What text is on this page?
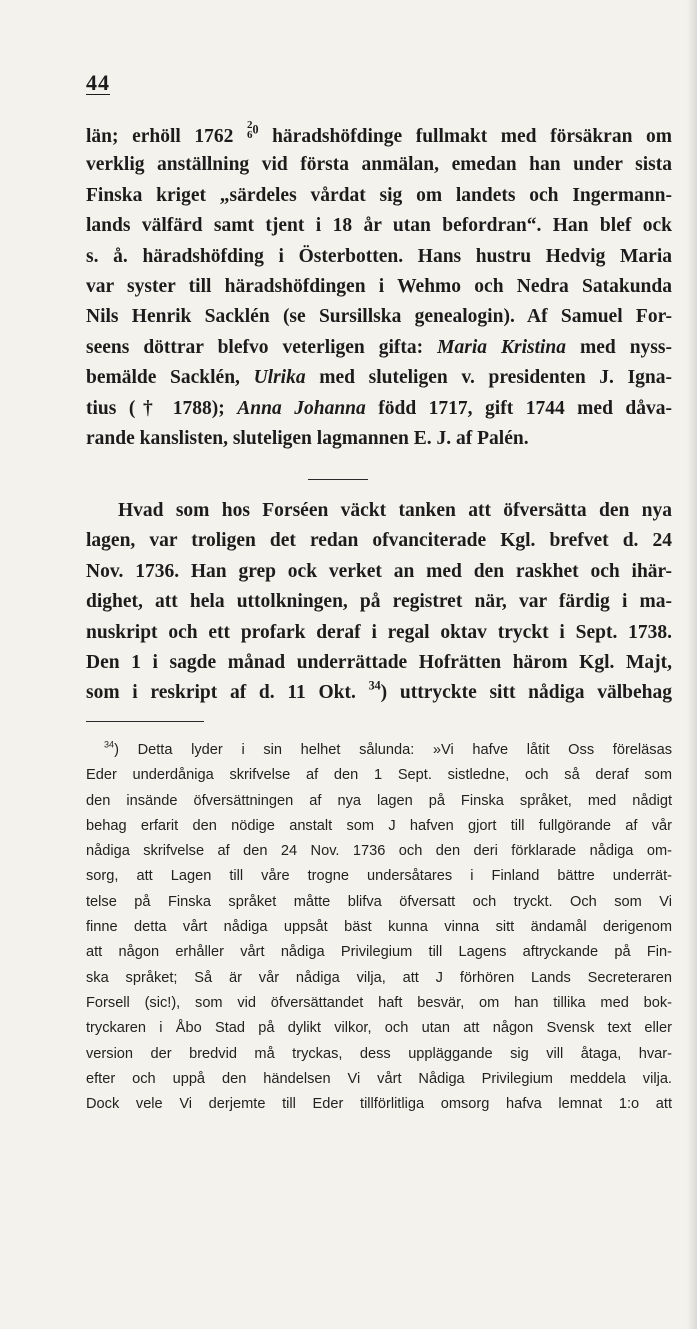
44
län; erhöll 1762
2
6 $^0$ häradshöfdinge fullmakt med försäkran om
verklig anställning vid första anmälan, emedan han under sista
Finska kriget „särdeles vårdat sig om landets och Ingermann-
lands välfärd samt tjent i 18 år utan befordran“. Han blef ock
s. å. häradshöfding i Österbotten. Hans hustru Hedvig Maria
var syster till häradshöfdingen i Wehmo och Nedra Satakunda
Nils Henrik Sacklén (se Sursillska genealogin). Af Samuel For-
seens döttrar blefvo veterligen gifta: Maria Kristina med nyss-
bemälde Sacklén, Ulrika med sluteligen v. presidenten J. Igna-
tius († 1788); Anna Johanna född 1717, gift 1744 med dåva-
rande kanslisten, sluteligen lagmannen E. J. af Palén.
Hvad som hos Forséen väckt tanken att öfversätta den nya
lagen, var troligen det redan ofvanciterade Kgl. brefvet d. 24
Nov. 1736. Han grep ock verket an med den raskhet och ihär-
dighet, att hela uttolkningen, på registret när, var färdig i ma-
nuskript och ett profark deraf i regal oktav tryckt i Sept. 1738.
Den 1 i sagde månad underrättade Hofrätten härom Kgl. Majt,
som i reskript af d. 11 Okt. $^{34}$) uttryckte sitt nådiga välbehag
$^{34}$) Detta lyder i sin helhet sålunda: »Vi hafve låtit Oss föreläsas
Eder underdåniga skrifvelse af den 1 Sept. sistledne, och så deraf som
den insände öfversättningen af nya lagen på Finska språket, med nådigt
behag erfarit den nödige anstalt som J hafven gjort till fullgörande af vår
nådiga skrifvelse af den 24 Nov. 1736 och den deri förklarade nådiga om-
sorg, att Lagen till våre trogne undersåtares i Finland bättre underrät-
telse på Finska språket måtte blifva öfversatt och tryckt. Och som Vi
finne detta vårt nådiga uppsåt bäst kunna vinna sitt ändamål derigenom
att någon erhåller vårt nådiga Privilegium till Lagens aftryckande på Fin-
ska språket; Så är vår nådiga vilja, att J förhören Lands Secreteraren
Forsell (sic!), som vid öfversättandet haft besvär, om han tillika med bok-
tryckaren i Åbo Stad på dylikt vilkor, och utan att någon Svensk text eller
version der bredvid må tryckas, dess uppläggande sig vill åtaga, hvar-
efter och uppå den händelsen Vi vårt Nådiga Privilegium meddela vilja.
Dock vele Vi derjemte till Eder tillförlitliga omsorg hafva lemnat 1:o att
